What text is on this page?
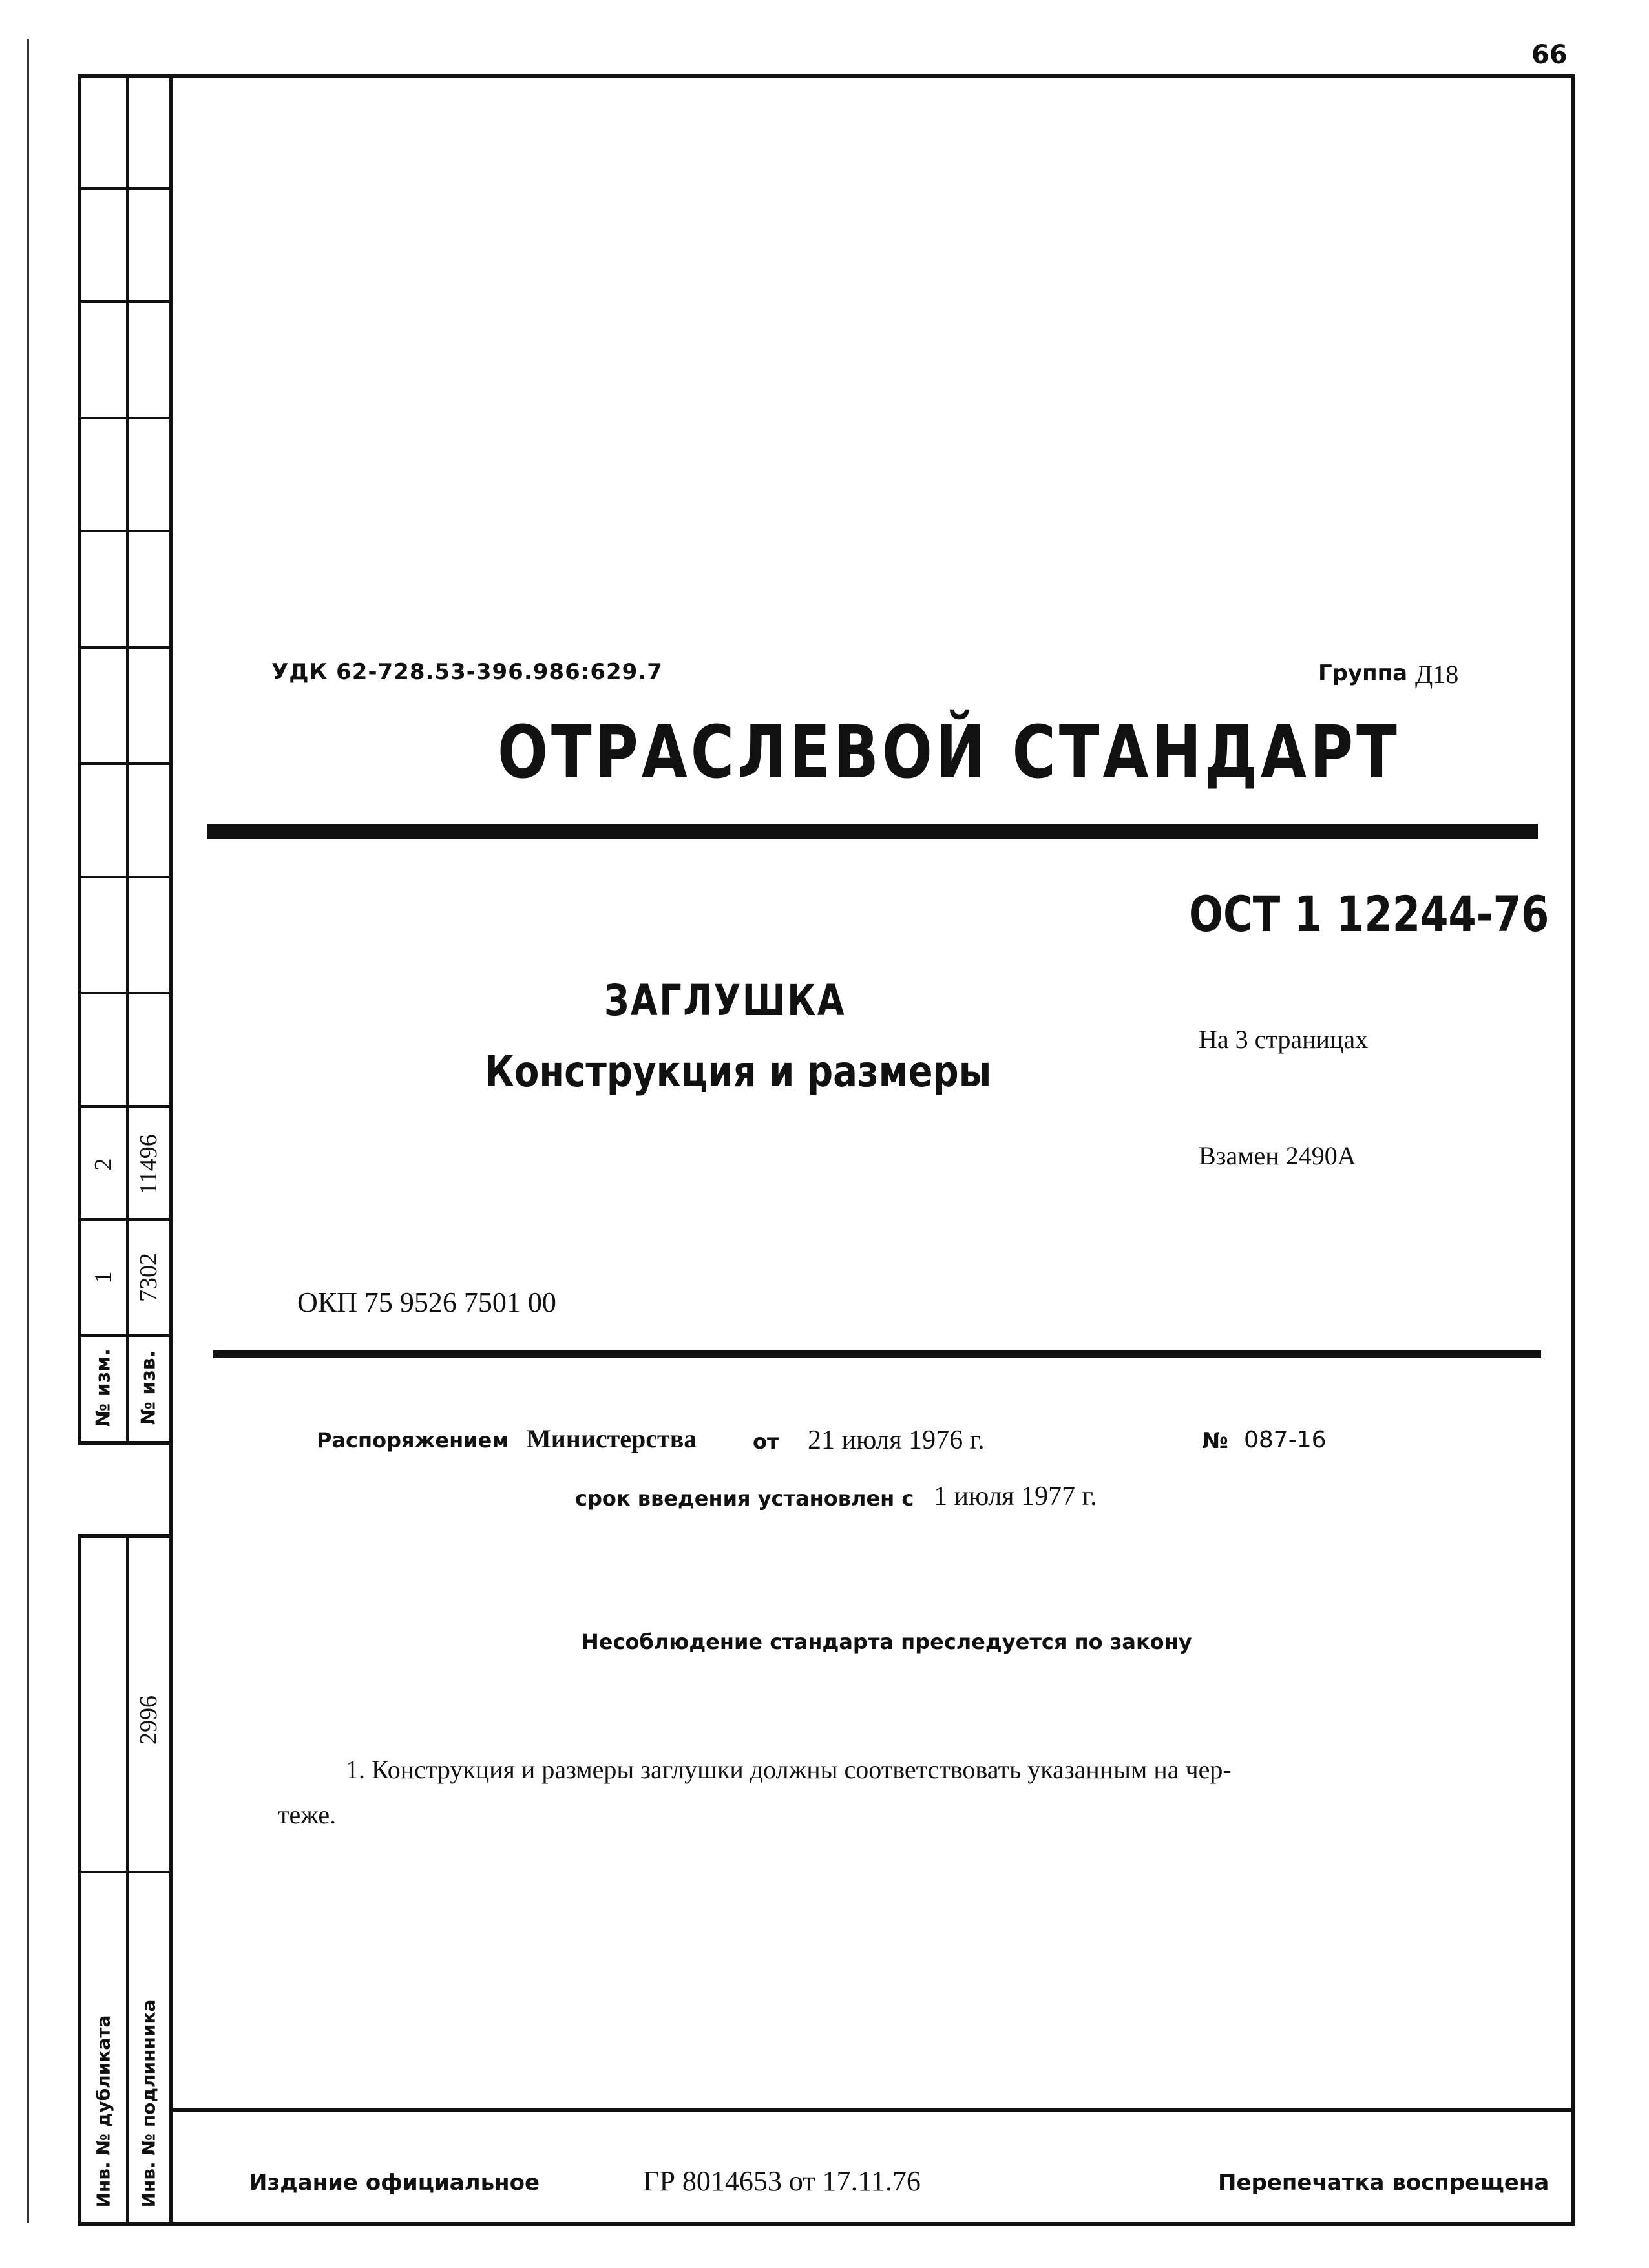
66
№ изм. № изв.
1 7302
2 11496
2996
Инв. № дубликата Инв. № подлинника
УДК 62-728.53-396.986:629.7	Группа Д18
ОТРАСЛЕВОЙ СТАНДАРТ
ОСТ 1 12244-76
ЗАГЛУШКА
Конструкция и размеры
На 3 страницах
Взамен 2490А
ОКП 75 9526 7501 00
Распоряжением Министерства	от 21 июля 1976 г.	№ 087-16
срок введения установлен с 1 июля 1977 г.
Несоблюдение стандарта преследуется по закону
1. Конструкция и размеры заглушки должны соответствовать указанным на чер-
теже.
Издание официальное	ГР 8014653 от 17.11.76	Перепечатка воспрещена
